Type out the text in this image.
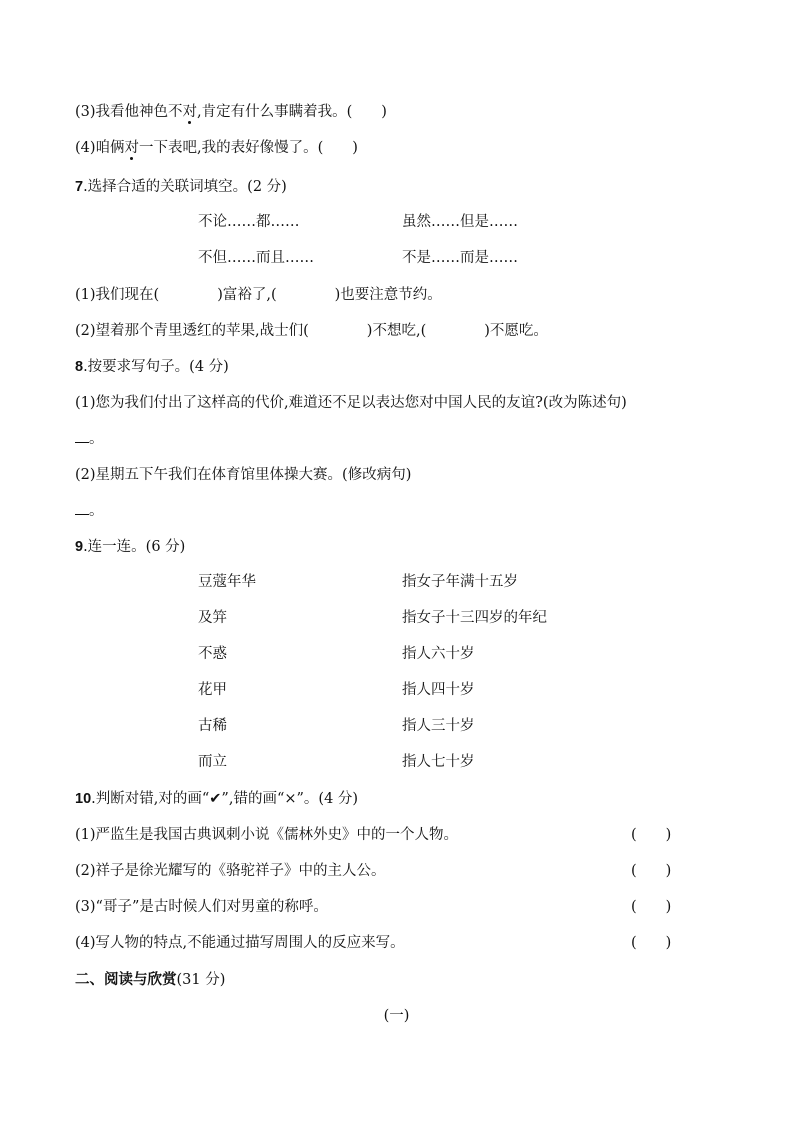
(3)我看他神色不对,肯定有什么事瞒着我。(　　)
(4)咱俩对一下表吧,我的表好像慢了。(　　)
7.选择合适的关联词填空。(2 分)
不论……都……	虽然……但是……
不但……而且……	不是……而是……
(1)我们现在(　　　　)富裕了,(　　　　)也要注意节约。
(2)望着那个青里透红的苹果,战士们(　　　　)不想吃,(　　　　)不愿吃。
8.按要求写句子。(4 分)
(1)您为我们付出了这样高的代价,难道还不足以表达您对中国人民的友谊?(改为陈述句)
。
(2)星期五下午我们在体育馆里体操大赛。(修改病句)
。
9.连一连。(6 分)
豆蔻年华	指女子年满十五岁
及笄	指女子十三四岁的年纪
不惑	指人六十岁
花甲	指人四十岁
古稀	指人三十岁
而立	指人七十岁
10.判断对错,对的画“✔”,错的画“×”。(4 分)
(1)严监生是我国古典讽刺小说《儒林外史》中的一个人物。	(　　)
(2)祥子是徐光耀写的《骆驼祥子》中的主人公。	(　　)
(3)“哥子”是古时候人们对男童的称呼。	(　　)
(4)写人物的特点,不能通过描写周围人的反应来写。	(　　)
二、阅读与欣赏(31 分)
(一)
